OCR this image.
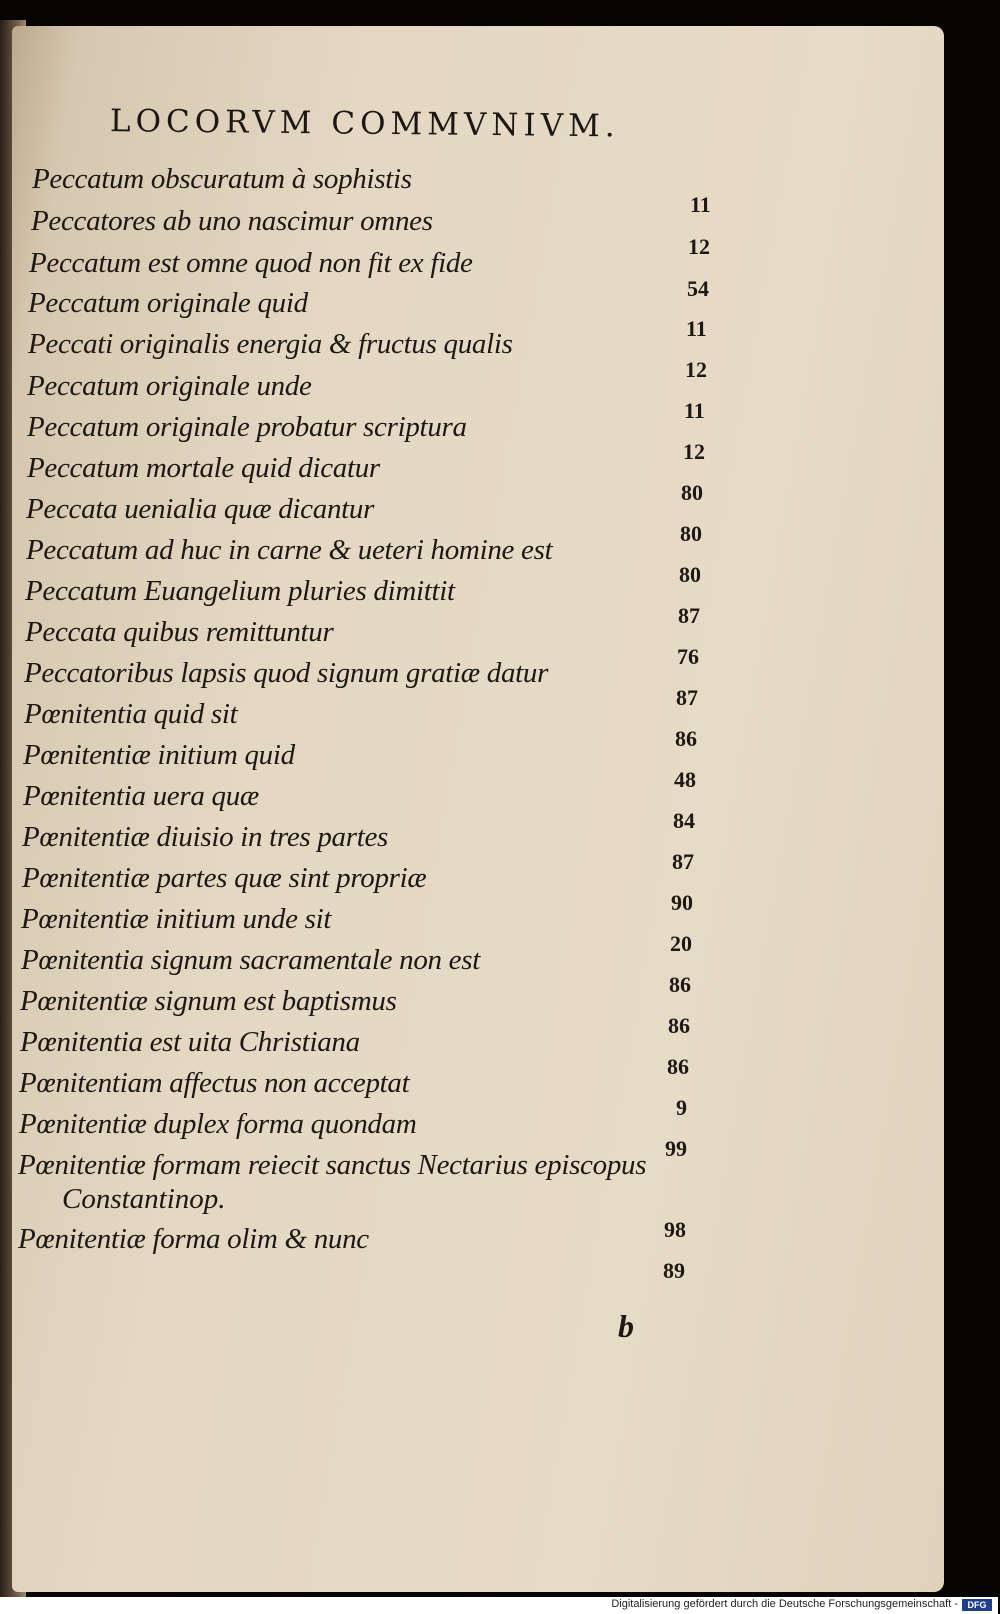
LOCORVM COMMVNIVM.
Peccatum obscuratum à sophistis
11
Peccatores ab uno nascimur omnes
12
Peccatum est omne quod non fit ex fide
54
Peccatum originale quid
11
Peccati originalis energia & fructus qualis
12
Peccatum originale unde
11
Peccatum originale probatur scriptura
12
Peccatum mortale quid dicatur
80
Peccata uenialia quæ dicantur
80
Peccatum ad huc in carne & ueteri homine est
80
Peccatum Euangelium pluries dimittit
87
Peccata quibus remittuntur
76
Peccatoribus lapsis quod signum gratiæ datur
87
Pœnitentia quid sit
86
Pœnitentiæ initium quid
48
Pœnitentia uera quæ
84
Pœnitentiæ diuisio in tres partes
87
Pœnitentiæ partes quæ sint propriæ
90
Pœnitentiæ initium unde sit
20
Pœnitentia signum sacramentale non est
86
Pœnitentiæ signum est baptismus
86
Pœnitentia est uita Christiana
86
Pœnitentiam affectus non acceptat
9
Pœnitentiæ duplex forma quondam
99
Pœnitentiæ formam reiecit sanctus Nectarius episcopus
Constantinop.
98
Pœnitentiæ forma olim & nunc
89
b
Digitalisierung gefördert durch die Deutsche Forschungsgemeinschaft -	DFG
